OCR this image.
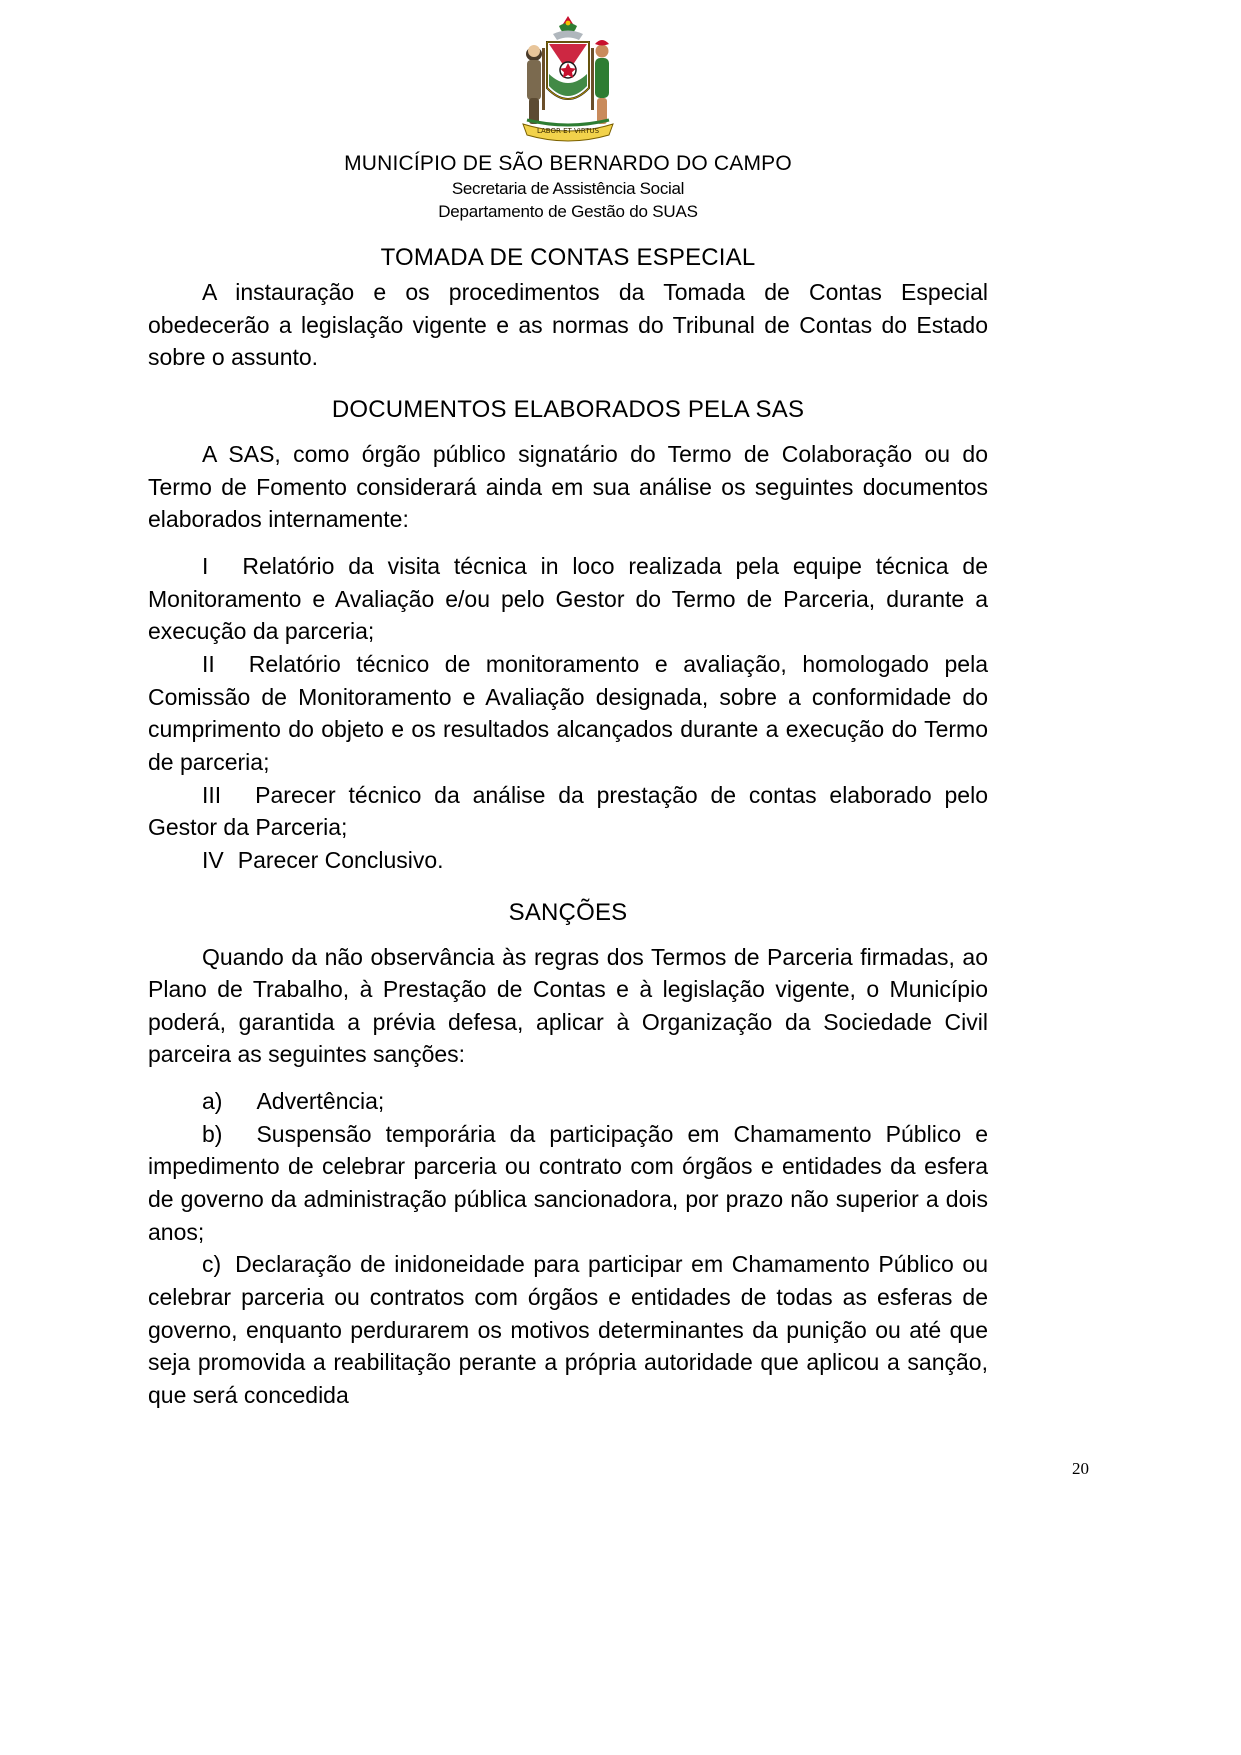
LABOR ET VIRTUS
MUNICÍPIO DE SÃO BERNARDO DO CAMPO
Secretaria de Assistência Social
Departamento de Gestão do SUAS
TOMADA DE CONTAS ESPECIAL

A instauração e os procedimentos da Tomada de Contas Especial obedecerão a legislação vigente e as normas do Tribunal de Contas do Estado sobre o assunto.

DOCUMENTOS ELABORADOS PELA SAS

A SAS, como órgão público signatário do Termo de Colaboração ou do Termo de Fomento considerará ainda em sua análise os seguintes documentos elaborados internamente:

I Relatório da visita técnica in loco realizada pela equipe técnica de Monitoramento e Avaliação e/ou pelo Gestor do Termo de Parceria, durante a execução da parceria;

II Relatório técnico de monitoramento e avaliação, homologado pela Comissão de Monitoramento e Avaliação designada, sobre a conformidade do cumprimento do objeto e os resultados alcançados durante a execução do Termo de parceria;

III Parecer técnico da análise da prestação de contas elaborado pelo Gestor da Parceria;

IV Parecer Conclusivo.

SANÇÕES

Quando da não observância às regras dos Termos de Parceria firmadas, ao Plano de Trabalho, à Prestação de Contas e à legislação vigente, o Município poderá, garantida a prévia defesa, aplicar à Organização da Sociedade Civil parceira as seguintes sanções:

a) Advertência;

b) Suspensão temporária da participação em Chamamento Público e impedimento de celebrar parceria ou contrato com órgãos e entidades da esfera de governo da administração pública sancionadora, por prazo não superior a dois anos;

c) Declaração de inidoneidade para participar em Chamamento Público ou celebrar parceria ou contratos com órgãos e entidades de todas as esferas de governo, enquanto perdurarem os motivos determinantes da punição ou até que seja promovida a reabilitação perante a própria autoridade que aplicou a sanção, que será concedida

20
